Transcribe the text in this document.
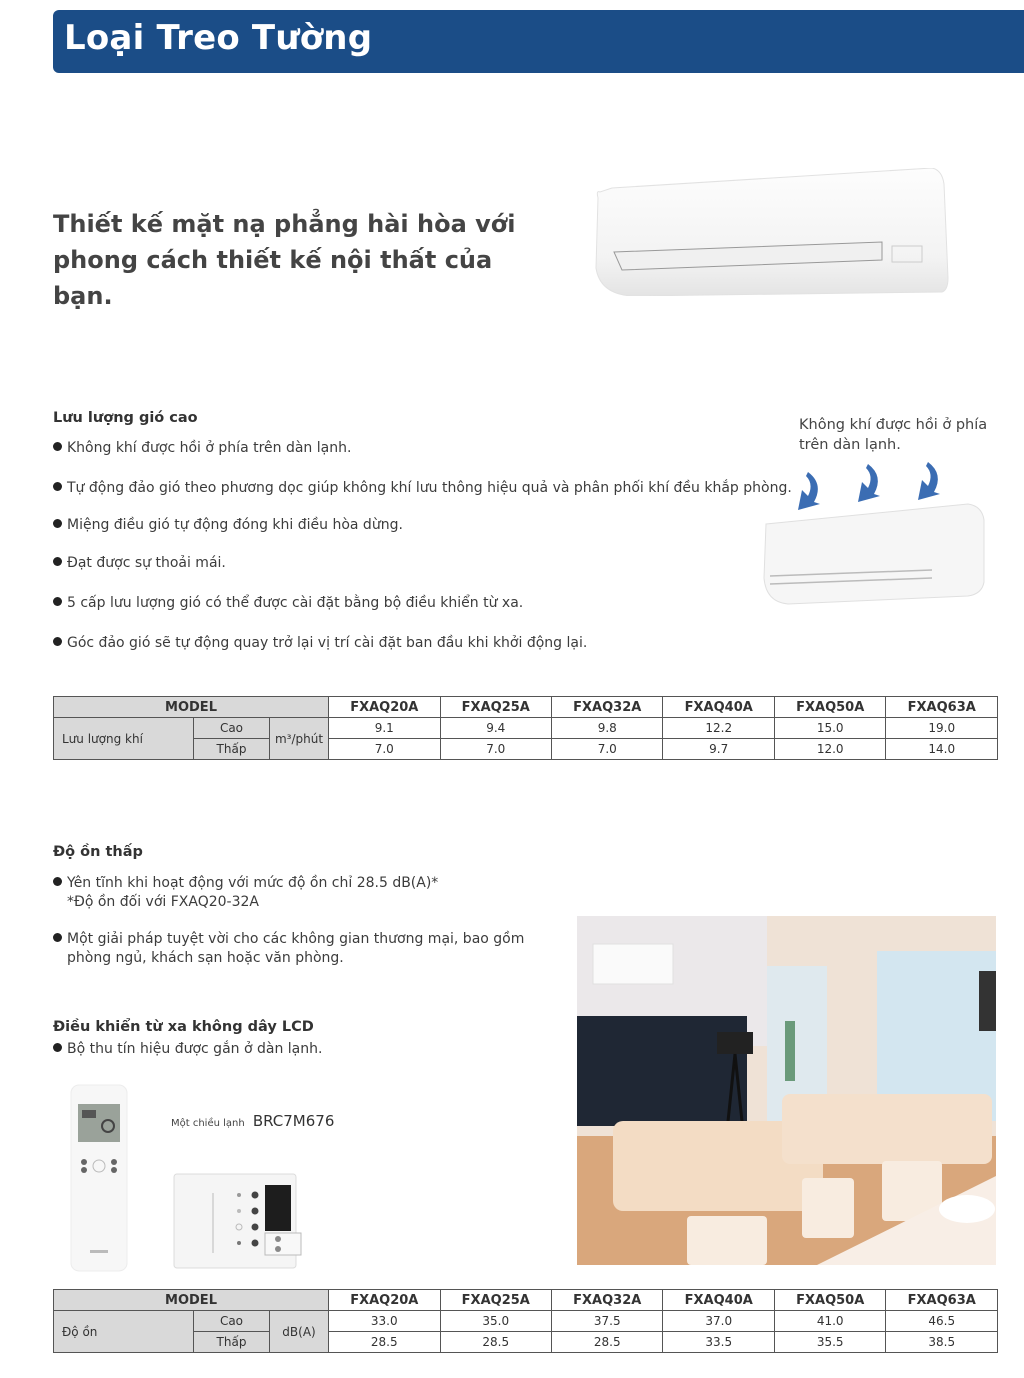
Loại Treo Tường
Thiết kế mặt nạ phẳng hài hòa với phong cách thiết kế nội thất của bạn.
Lưu lượng gió cao
Không khí được hồi ở phía trên dàn lạnh.
Tự động đảo gió theo phương dọc giúp không khí lưu thông hiệu quả và phân phối khí đều khắp phòng.
Miệng điều gió tự động đóng khi điều hòa dừng.
Đạt được sự thoải mái.
5 cấp lưu lượng gió có thể được cài đặt bằng bộ điều khiển từ xa.
Góc đảo gió sẽ tự động quay trở lại vị trí cài đặt ban đầu khi khởi động lại.
Không khí được hồi ở phía trên dàn lạnh.
MODEL			FXAQ20A	FXAQ25A	FXAQ32A	FXAQ40A	FXAQ50A	FXAQ63A
Lưu lượng khí	Cao	m³/phút	9.1	9.4	9.8	12.2	15.0	19.0
	Thấp		7.0	7.0	7.0	9.7	12.0	14.0
Độ ồn thấp
Yên tĩnh khi hoạt động với mức độ ồn chỉ 28.5 dB(A)*
*Độ ồn đối với FXAQ20-32A
Một giải pháp tuyệt vời cho các không gian thương mại, bao gồm phòng ngủ, khách sạn hoặc văn phòng.
Điều khiển từ xa không dây LCD
Bộ thu tín hiệu được gắn ở dàn lạnh.
Một chiều lạnh BRC7M676
MODEL			FXAQ20A	FXAQ25A	FXAQ32A	FXAQ40A	FXAQ50A	FXAQ63A
Độ ồn	Cao	dB(A)	33.0	35.0	37.5	37.0	41.0	46.5
	Thấp		28.5	28.5	28.5	33.5	35.5	38.5
